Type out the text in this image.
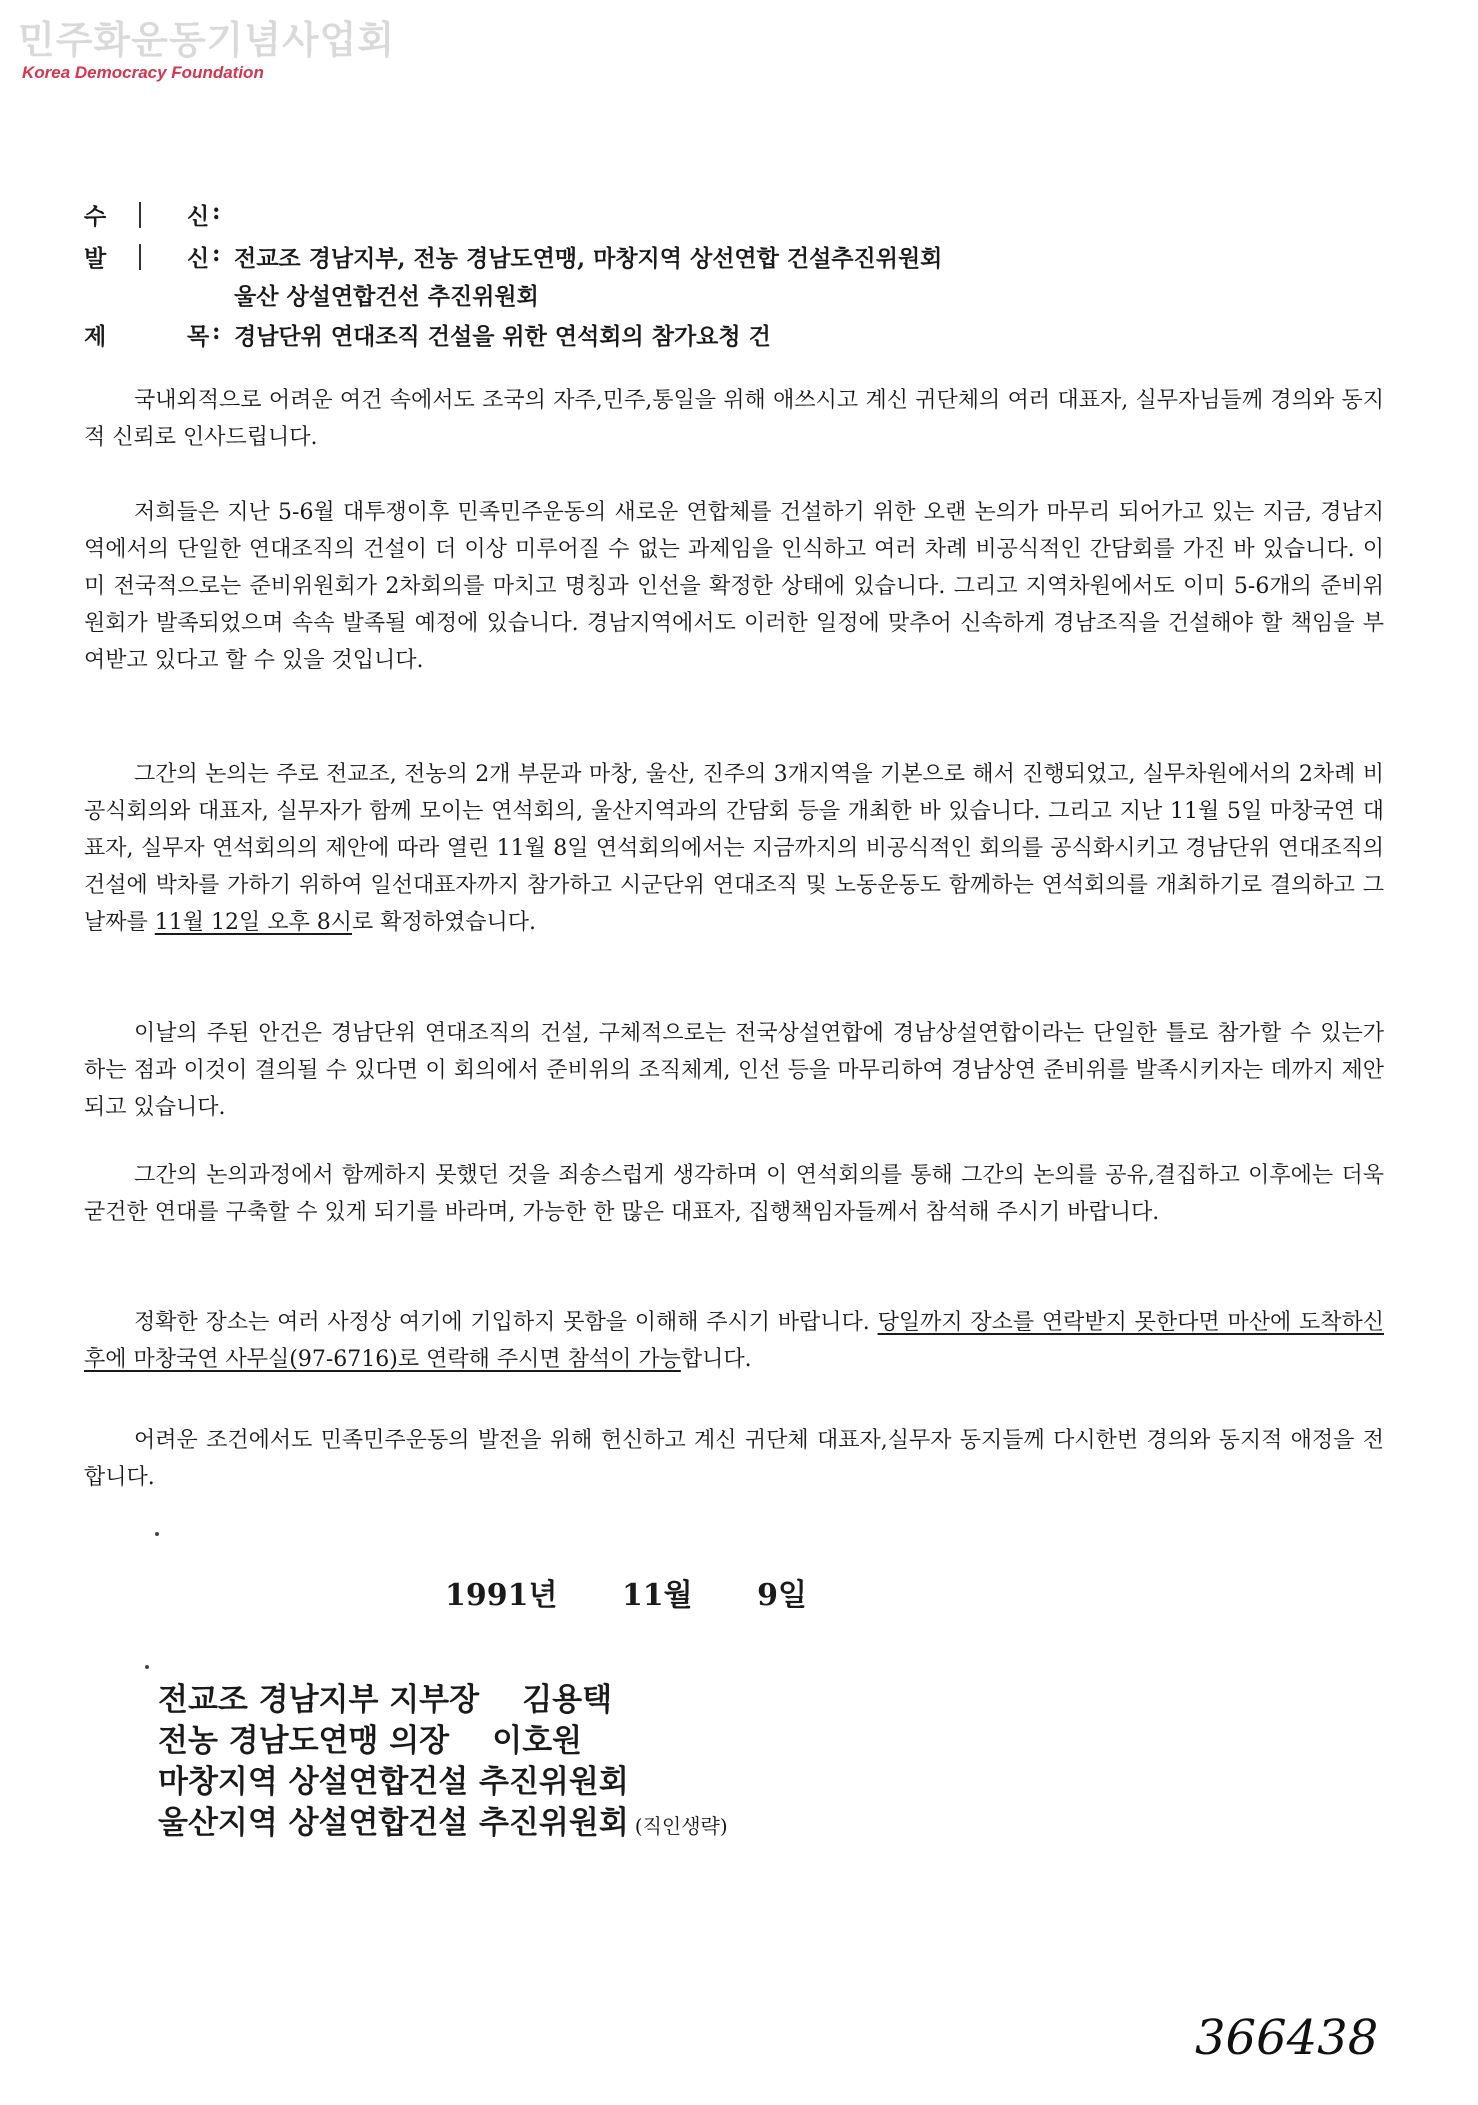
민주화운동기념사업회
Korea Democracy Foundation
수	신 :
발	신 : 전교조 경남지부, 전농 경남도연맹, 마창지역 상선연합 건설추진위원회
울산 상설연합건선 추진위원회
제	목 : 경남단위 연대조직 건설을 위한 연석회의 참가요청 건

국내외적으로 어려운 여건 속에서도 조국의 자주,민주,통일을 위해 애쓰시고 계신 귀단체의 여러 대표자, 실무자님들께 경의와 동지적 신뢰로 인사드립니다.

저희들은 지난 5-6월 대투쟁이후 민족민주운동의 새로운 연합체를 건설하기 위한 오랜 논의가 마무리 되어가고 있는 지금, 경남지역에서의 단일한 연대조직의 건설이 더 이상 미루어질 수 없는 과제임을 인식하고 여러 차례 비공식적인 간담회를 가진 바 있습니다. 이미 전국적으로는 준비위원회가 2차회의를 마치고 명칭과 인선을 확정한 상태에 있습니다. 그리고 지역차원에서도 이미 5-6개의 준비위원회가 발족되었으며 속속 발족될 예정에 있습니다. 경남지역에서도 이러한 일정에 맞추어 신속하게 경남조직을 건설해야 할 책임을 부여받고 있다고 할 수 있을 것입니다.

그간의 논의는 주로 전교조, 전농의 2개 부문과 마창, 울산, 진주의 3개지역을 기본으로 해서 진행되었고, 실무차원에서의 2차례 비공식회의와 대표자, 실무자가 함께 모이는 연석회의, 울산지역과의 간담회 등을 개최한 바 있습니다. 그리고 지난 11월 5일 마창국연 대표자, 실무자 연석회의의 제안에 따라 열린 11월 8일 연석회의에서는 지금까지의 비공식적인 회의를 공식화시키고 경남단위 연대조직의 건설에 박차를 가하기 위하여 일선대표자까지 참가하고 시군단위 연대조직 및 노동운동도 함께하는 연석회의를 개최하기로 결의하고 그 날짜를 11월 12일 오후 8시로 확정하였습니다.

이날의 주된 안건은 경남단위 연대조직의 건설, 구체적으로는 전국상설연합에 경남상설연합이라는 단일한 틀로 참가할 수 있는가 하는 점과 이것이 결의될 수 있다면 이 회의에서 준비위의 조직체계, 인선 등을 마무리하여 경남상연 준비위를 발족시키자는 데까지 제안되고 있습니다.

그간의 논의과정에서 함께하지 못했던 것을 죄송스럽게 생각하며 이 연석회의를 통해 그간의 논의를 공유,결집하고 이후에는 더욱 굳건한 연대를 구축할 수 있게 되기를 바라며, 가능한 한 많은 대표자, 집행책임자들께서 참석해 주시기 바랍니다.

정확한 장소는 여러 사정상 여기에 기입하지 못함을 이해해 주시기 바랍니다. 당일까지 장소를 연락받지 못한다면 마산에 도착하신 후에 마창국연 사무실(97-6716)로 연락해 주시면 참석이 가능합니다.

어려운 조건에서도 민족민주운동의 발전을 위해 헌신하고 계신 귀단체 대표자,실무자 동지들께 다시한번 경의와 동지적 애정을 전합니다.

1991년 11월 9일
전교조 경남지부 지부장    김용택
전농 경남도연맹 의장    이호원
마창지역 상설연합건설 추진위원회
울산지역 상설연합건설 추진위원회 (직인생략)
366438
